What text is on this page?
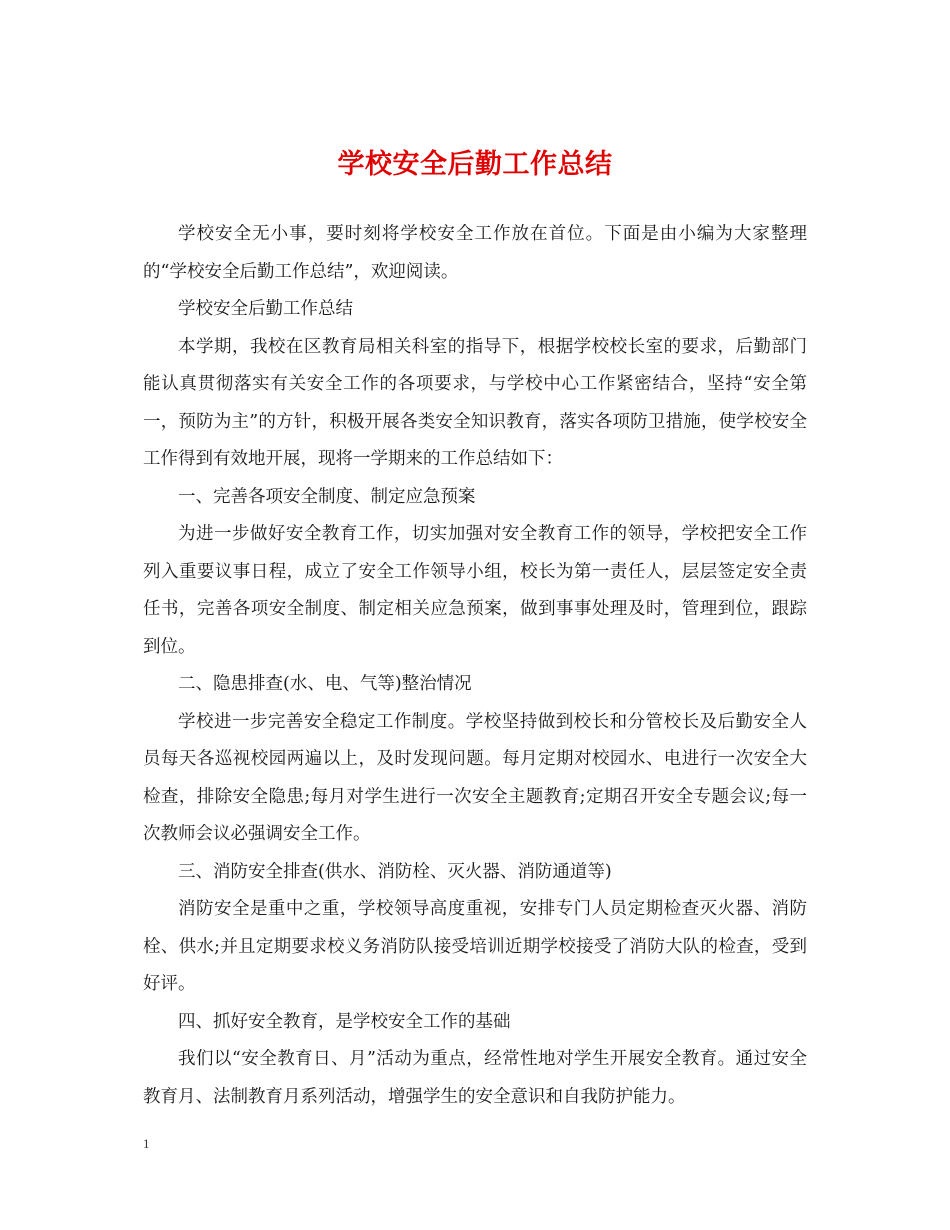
学校安全后勤工作总结

学校安全无小事，要时刻将学校安全工作放在首位。下面是由小编为大家整理的“学校安全后勤工作总结”，欢迎阅读。

学校安全后勤工作总结

本学期，我校在区教育局相关科室的指导下，根据学校校长室的要求，后勤部门能认真贯彻落实有关安全工作的各项要求，与学校中心工作紧密结合，坚持“安全第一，预防为主”的方针，积极开展各类安全知识教育，落实各项防卫措施，使学校安全工作得到有效地开展，现将一学期来的工作总结如下：

一、完善各项安全制度、制定应急预案

为进一步做好安全教育工作，切实加强对安全教育工作的领导，学校把安全工作列入重要议事日程，成立了安全工作领导小组，校长为第一责任人，层层签定安全责任书，完善各项安全制度、制定相关应急预案，做到事事处理及时，管理到位，跟踪到位。

二、隐患排查(水、电、气等)整治情况

学校进一步完善安全稳定工作制度。学校坚持做到校长和分管校长及后勤安全人员每天各巡视校园两遍以上，及时发现问题。每月定期对校园水、电进行一次安全大检查，排除安全隐患;每月对学生进行一次安全主题教育;定期召开安全专题会议;每一次教师会议必强调安全工作。

三、消防安全排查(供水、消防栓、灭火器、消防通道等)

消防安全是重中之重，学校领导高度重视，安排专门人员定期检查灭火器、消防栓、供水;并且定期要求校义务消防队接受培训近期学校接受了消防大队的检查，受到好评。

四、抓好安全教育，是学校安全工作的基础

我们以“安全教育日、月”活动为重点，经常性地对学生开展安全教育。通过安全教育月、法制教育月系列活动，增强学生的安全意识和自我防护能力。

1
